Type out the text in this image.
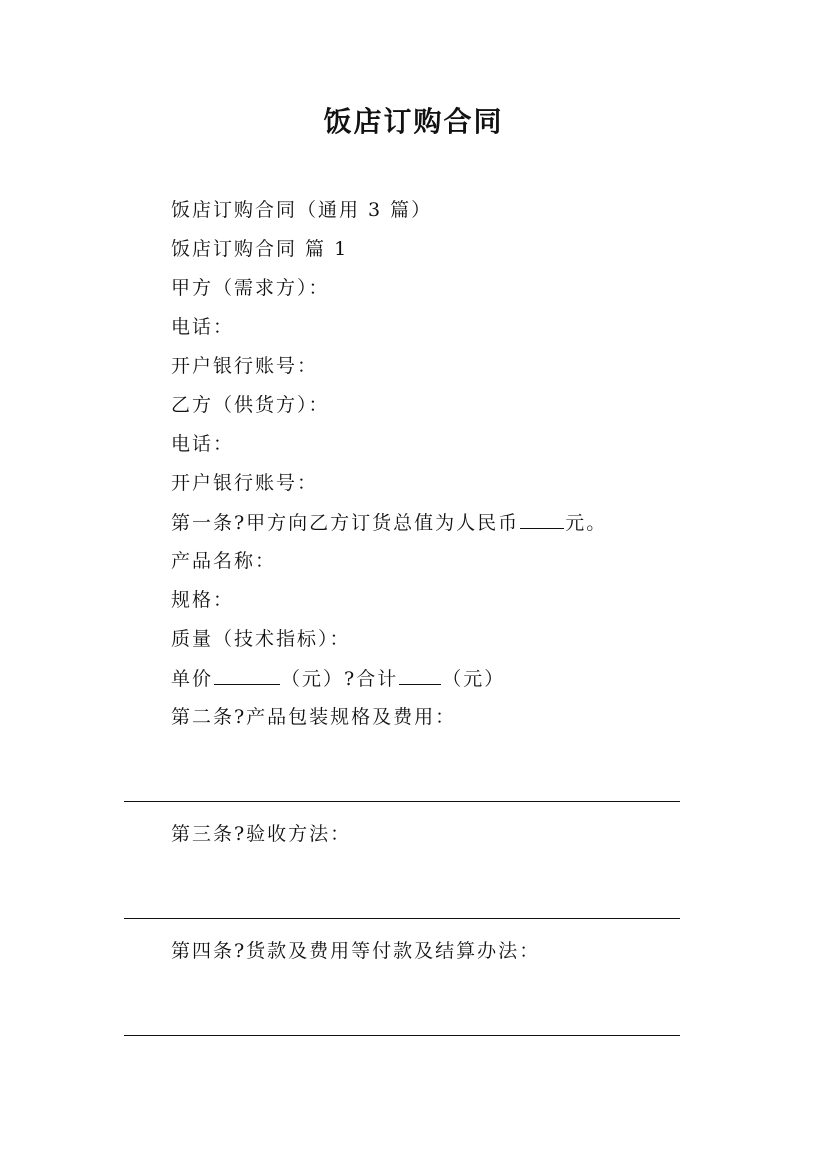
饭店订购合同
饭店订购合同（通用 3 篇）
饭店订购合同 篇 1
甲方（需求方）：
电话：
开户银行账号：
乙方（供货方）：
电话：
开户银行账号：
第一条?甲方向乙方订货总值为人民币 元。
产品名称：
规格：
质量（技术指标）：
单价	（元）?合计 （元）
第二条?产品包装规格及费用：
第三条?验收方法：
第四条?货款及费用等付款及结算办法：
